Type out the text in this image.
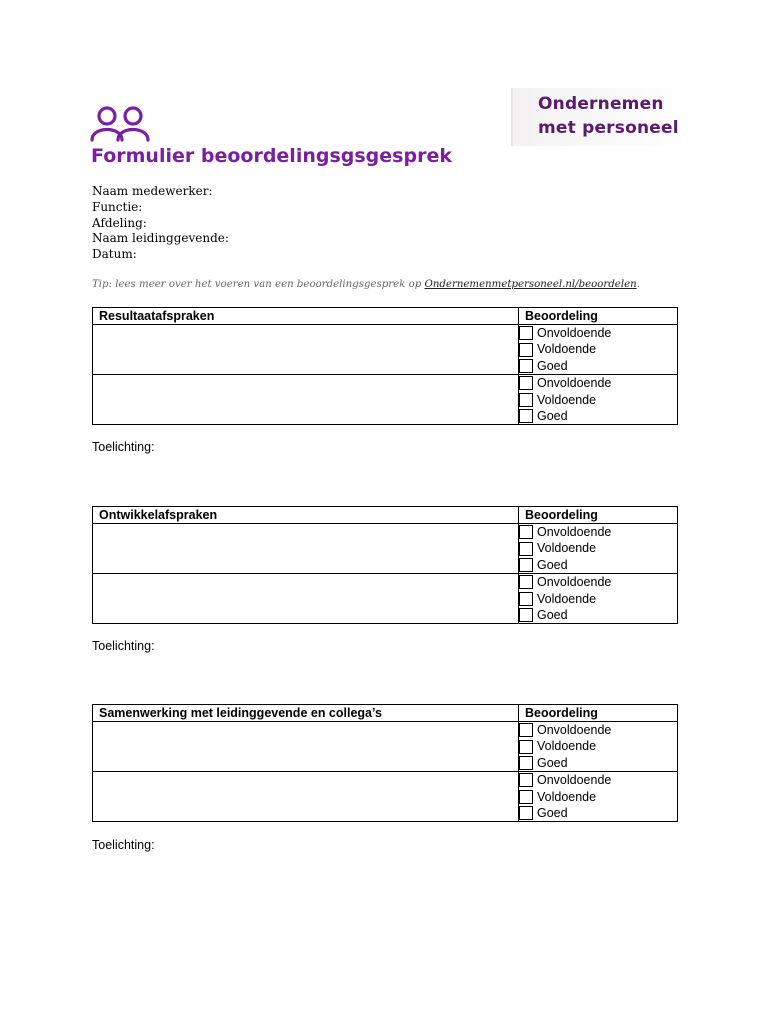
Ondernemen
met personeel
Formulier beoordelingsgsgesprek
Naam medewerker:
Functie:
Afdeling:
Naam leidinggevende:
Datum:
Tip: lees meer over het voeren van een beoordelingsgesprek op Ondernemenmetpersoneel.nl/beoordelen.
Resultaatafspraken	Beoordeling

	Onvoldoende
Voldoende
Goed

	Onvoldoende
Voldoende
Goed
Toelichting:
Ontwikkelafspraken	Beoordeling

	Onvoldoende
Voldoende
Goed

	Onvoldoende
Voldoende
Goed
Toelichting:
Samenwerking met leidinggevende en collega’s	Beoordeling

	Onvoldoende
Voldoende
Goed

	Onvoldoende
Voldoende
Goed
Toelichting:
